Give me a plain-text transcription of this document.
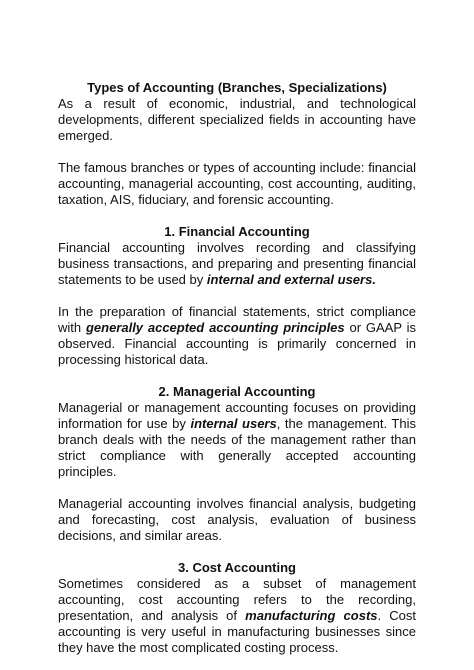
Types of Accounting (Branches, Specializations)

As a result of economic, industrial, and technological developments, different specialized fields in accounting have emerged.

The famous branches or types of accounting include: financial accounting, managerial accounting, cost accounting, auditing, taxation, AIS, fiduciary, and forensic accounting.

1. Financial Accounting

Financial accounting involves recording and classifying business transactions, and preparing and presenting financial statements to be used by internal and external users.

In the preparation of financial statements, strict compliance with generally accepted accounting principles or GAAP is observed. Financial accounting is primarily concerned in processing historical data.

2. Managerial Accounting

Managerial or management accounting focuses on providing information for use by internal users, the management. This branch deals with the needs of the management rather than strict compliance with generally accepted accounting principles.

Managerial accounting involves financial analysis, budgeting and forecasting, cost analysis, evaluation of business decisions, and similar areas.

3. Cost Accounting

Sometimes considered as a subset of management accounting, cost accounting refers to the recording, presentation, and analysis of manufacturing costs. Cost accounting is very useful in manufacturing businesses since they have the most complicated costing process.
